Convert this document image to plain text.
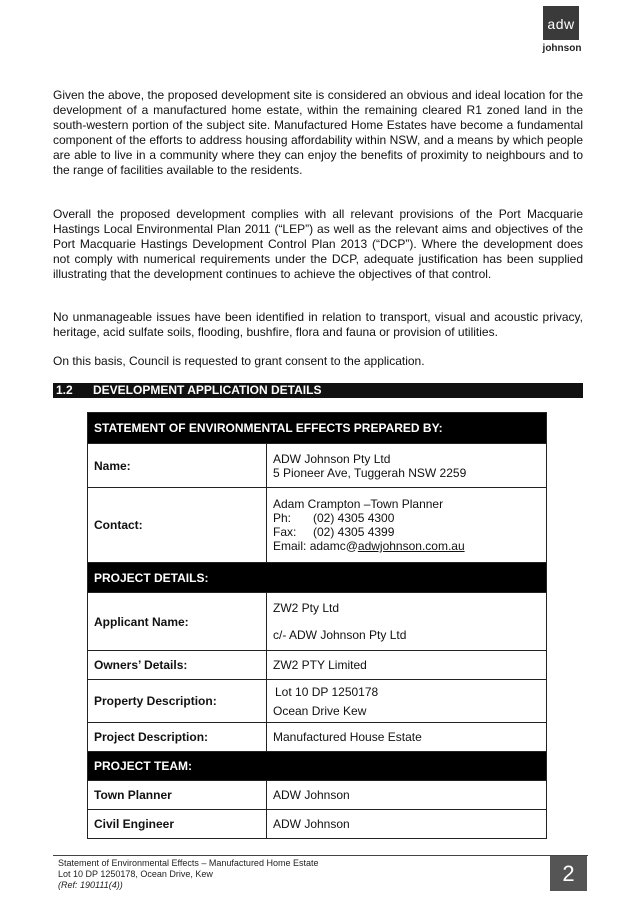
adw
johnson

Given the above, the proposed development site is considered an obvious and ideal location for the development of a manufactured home estate, within the remaining cleared R1 zoned land in the south-western portion of the subject site. Manufactured Home Estates have become a fundamental component of the efforts to address housing affordability within NSW, and a means by which people are able to live in a community where they can enjoy the benefits of proximity to neighbours and to the range of facilities available to the residents.

Overall the proposed development complies with all relevant provisions of the Port Macquarie Hastings Local Environmental Plan 2011 (“LEP”) as well as the relevant aims and objectives of the Port Macquarie Hastings Development Control Plan 2013 (“DCP”). Where the development does not comply with numerical requirements under the DCP, adequate justification has been supplied illustrating that the development continues to achieve the objectives of that control.

No unmanageable issues have been identified in relation to transport, visual and acoustic privacy, heritage, acid sulfate soils, flooding, bushfire, flora and fauna or provision of utilities.

On this basis, Council is requested to grant consent to the application.

1.2 DEVELOPMENT APPLICATION DETAILS
STATEMENT OF ENVIRONMENTAL EFFECTS PREPARED BY:	
Name:	ADW Johnson Pty Ltd
5 Pioneer Ave, Tuggerah NSW 2259

Contact:	Adam Crampton –Town Planner
Ph: (02) 4305 4300
Fax: (02) 4305 4399
Email: adamc@adwjohnson.com.au

PROJECT DETAILS:	
Applicant Name:	ZW2 Pty Ltd
c/- ADW Johnson Pty Ltd

Owners’ Details:	ZW2 PTY Limited
Property Description:	Lot 10 DP 1250178
Ocean Drive Kew

Project Description:	Manufactured House Estate
PROJECT TEAM:	
Town Planner	ADW Johnson
Civil Engineer	ADW Johnson
Statement of Environmental Effects – Manufactured Home Estate
Lot 10 DP 1250178, Ocean Drive, Kew
(Ref: 190111(4))	2
